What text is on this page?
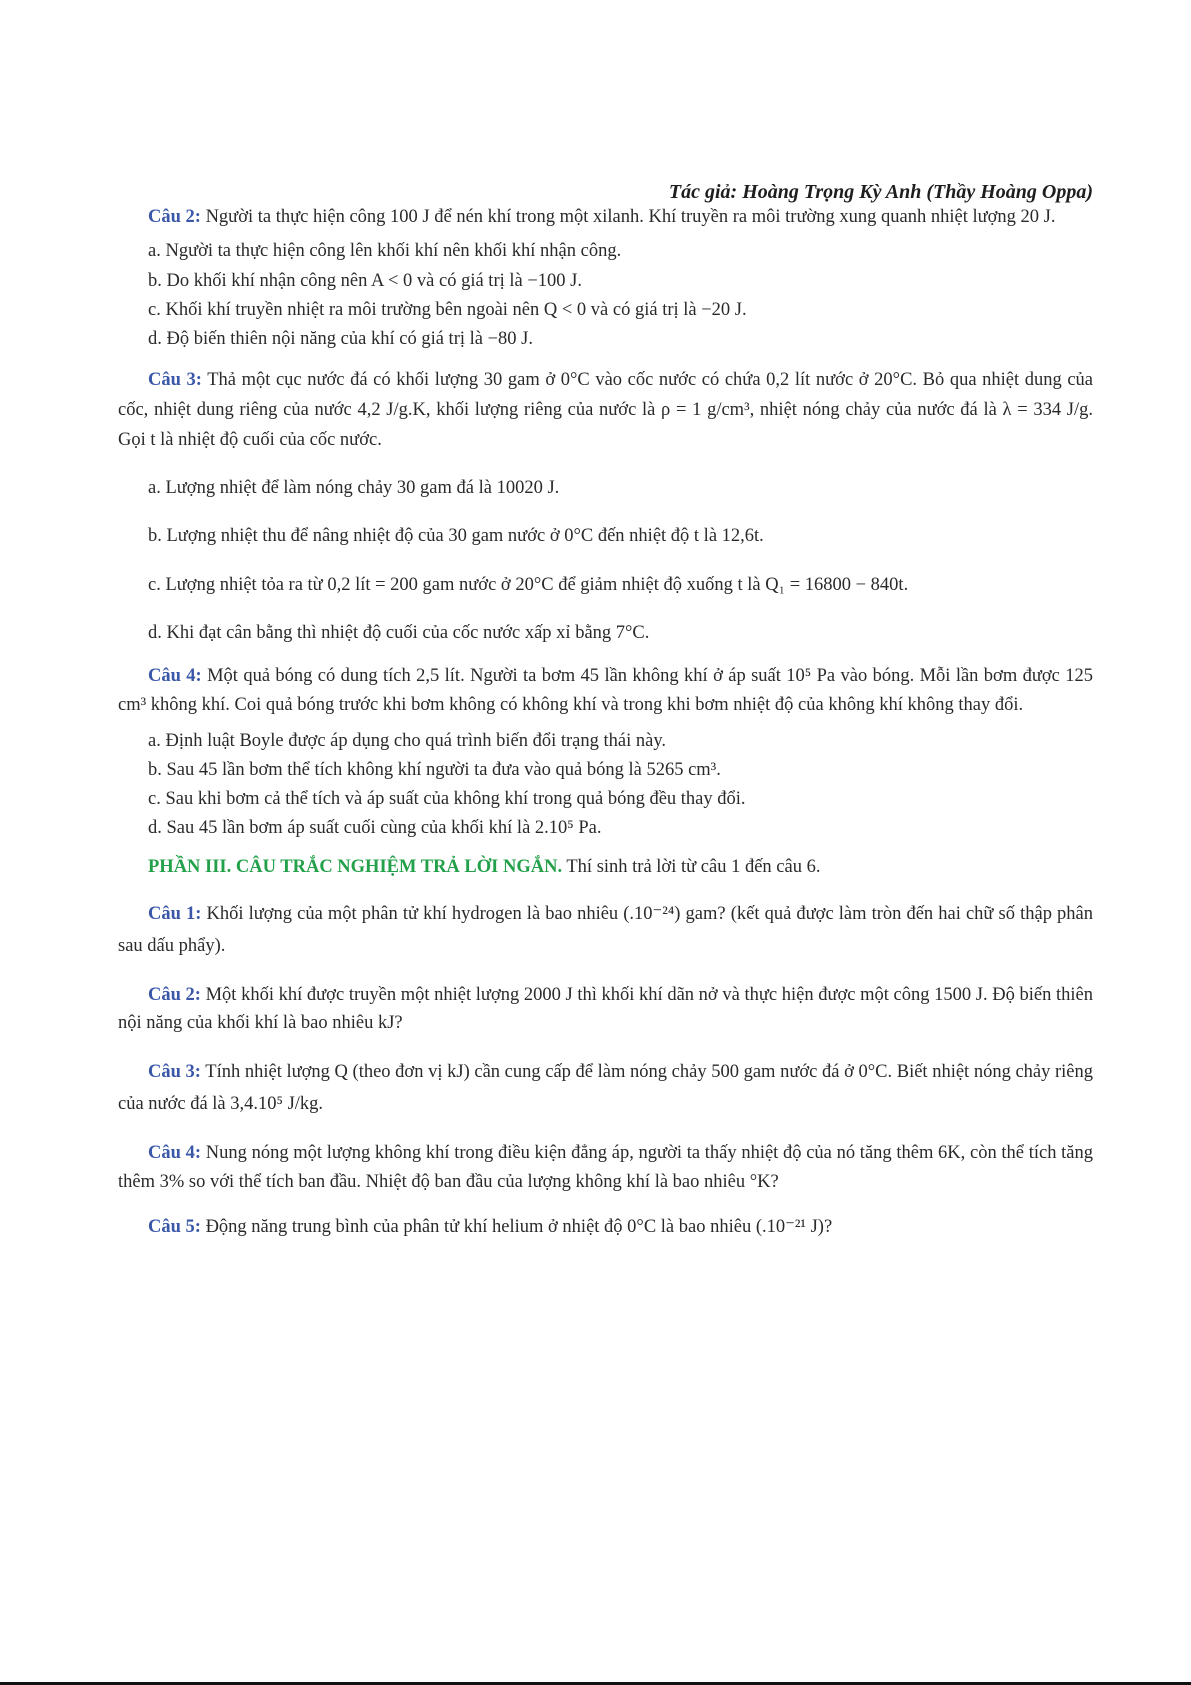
Tác giả: Hoàng Trọng Kỳ Anh (Thầy Hoàng Oppa)
Câu 2: Người ta thực hiện công 100 J để nén khí trong một xilanh. Khí truyền ra môi trường xung quanh nhiệt lượng 20 J.
a. Người ta thực hiện công lên khối khí nên khối khí nhận công.
b. Do khối khí nhận công nên A < 0 và có giá trị là −100 J.
c. Khối khí truyền nhiệt ra môi trường bên ngoài nên Q < 0 và có giá trị là −20 J.
d. Độ biến thiên nội năng của khí có giá trị là −80 J.
Câu 3: Thả một cục nước đá có khối lượng 30 gam ở 0°C vào cốc nước có chứa 0,2 lít nước ở 20°C. Bỏ qua nhiệt dung của cốc, nhiệt dung riêng của nước 4,2 J/g.K, khối lượng riêng của nước là ρ = 1 g/cm³, nhiệt nóng chảy của nước đá là λ = 334 J/g. Gọi t là nhiệt độ cuối của cốc nước.
a. Lượng nhiệt để làm nóng chảy 30 gam đá là 10020 J.
b. Lượng nhiệt thu để nâng nhiệt độ của 30 gam nước ở 0°C đến nhiệt độ t là 12,6t.
c. Lượng nhiệt tỏa ra từ 0,2 lít = 200 gam nước ở 20°C để giảm nhiệt độ xuống t là Q₁ = 16800 − 840t.
d. Khi đạt cân bằng thì nhiệt độ cuối của cốc nước xấp xỉ bằng 7°C.
Câu 4: Một quả bóng có dung tích 2,5 lít. Người ta bơm 45 lần không khí ở áp suất 10⁵ Pa vào bóng. Mỗi lần bơm được 125 cm³ không khí. Coi quả bóng trước khi bơm không có không khí và trong khi bơm nhiệt độ của không khí không thay đổi.
a. Định luật Boyle được áp dụng cho quá trình biến đổi trạng thái này.
b. Sau 45 lần bơm thể tích không khí người ta đưa vào quả bóng là 5265 cm³.
c. Sau khi bơm cả thể tích và áp suất của không khí trong quả bóng đều thay đổi.
d. Sau 45 lần bơm áp suất cuối cùng của khối khí là 2.10⁵ Pa.
PHẦN III. CÂU TRẮC NGHIỆM TRẢ LỜI NGẮN. Thí sinh trả lời từ câu 1 đến câu 6.
Câu 1: Khối lượng của một phân tử khí hydrogen là bao nhiêu (.10⁻²⁴) gam? (kết quả được làm tròn đến hai chữ số thập phân sau dấu phẩy).
Câu 2: Một khối khí được truyền một nhiệt lượng 2000 J thì khối khí dãn nở và thực hiện được một công 1500 J. Độ biến thiên nội năng của khối khí là bao nhiêu kJ?
Câu 3: Tính nhiệt lượng Q (theo đơn vị kJ) cần cung cấp để làm nóng chảy 500 gam nước đá ở 0°C. Biết nhiệt nóng chảy riêng của nước đá là 3,4.10⁵ J/kg.
Câu 4: Nung nóng một lượng không khí trong điều kiện đẳng áp, người ta thấy nhiệt độ của nó tăng thêm 6K, còn thể tích tăng thêm 3% so với thể tích ban đầu. Nhiệt độ ban đầu của lượng không khí là bao nhiêu °K?
Câu 5: Động năng trung bình của phân tử khí helium ở nhiệt độ 0°C là bao nhiêu (.10⁻²¹ J)?
